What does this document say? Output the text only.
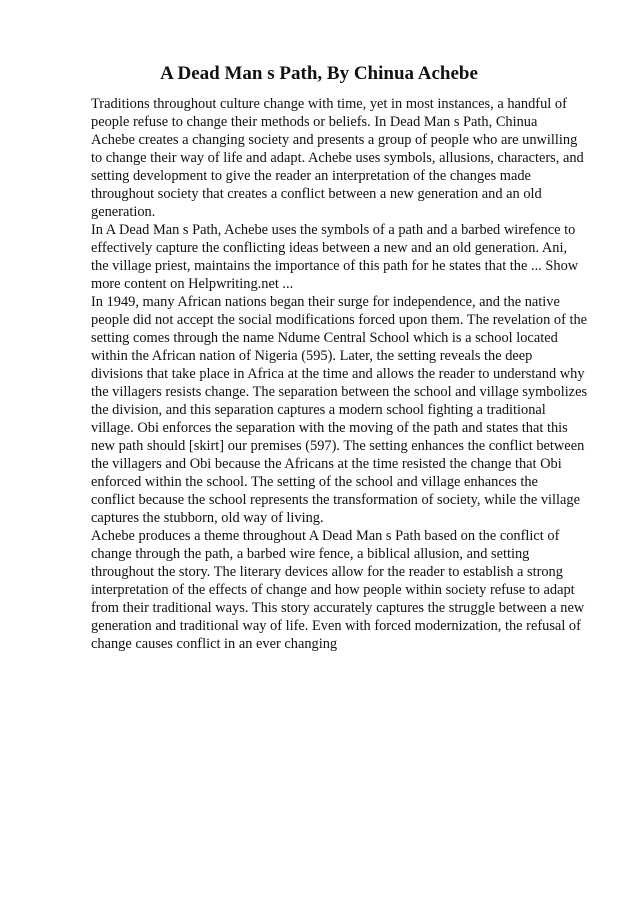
A Dead Man s Path, By Chinua Achebe
Traditions throughout culture change with time, yet in most instances, a handful of
people refuse to change their methods or beliefs. In Dead Man s Path, Chinua
Achebe creates a changing society and presents a group of people who are unwilling
to change their way of life and adapt. Achebe uses symbols, allusions, characters, and
setting development to give the reader an interpretation of the changes made
throughout society that creates a conflict between a new generation and an old
generation.
In A Dead Man s Path, Achebe uses the symbols of a path and a barbed wirefence to
effectively capture the conflicting ideas between a new and an old generation. Ani,
the village priest, maintains the importance of this path for he states that the ... Show
more content on Helpwriting.net ...
In 1949, many African nations began their surge for independence, and the native
people did not accept the social modifications forced upon them. The revelation of the
setting comes through the name Ndume Central School which is a school located
within the African nation of Nigeria (595). Later, the setting reveals the deep
divisions that take place in Africa at the time and allows the reader to understand why
the villagers resists change. The separation between the school and village symbolizes
the division, and this separation captures a modern school fighting a traditional
village. Obi enforces the separation with the moving of the path and states that this
new path should [skirt] our premises (597). The setting enhances the conflict between
the villagers and Obi because the Africans at the time resisted the change that Obi
enforced within the school. The setting of the school and village enhances the
conflict because the school represents the transformation of society, while the village
captures the stubborn, old way of living.
Achebe produces a theme throughout A Dead Man s Path based on the conflict of
change through the path, a barbed wire fence, a biblical allusion, and setting
throughout the story. The literary devices allow for the reader to establish a strong
interpretation of the effects of change and how people within society refuse to adapt
from their traditional ways. This story accurately captures the struggle between a new
generation and traditional way of life. Even with forced modernization, the refusal of
change causes conflict in an ever changing
